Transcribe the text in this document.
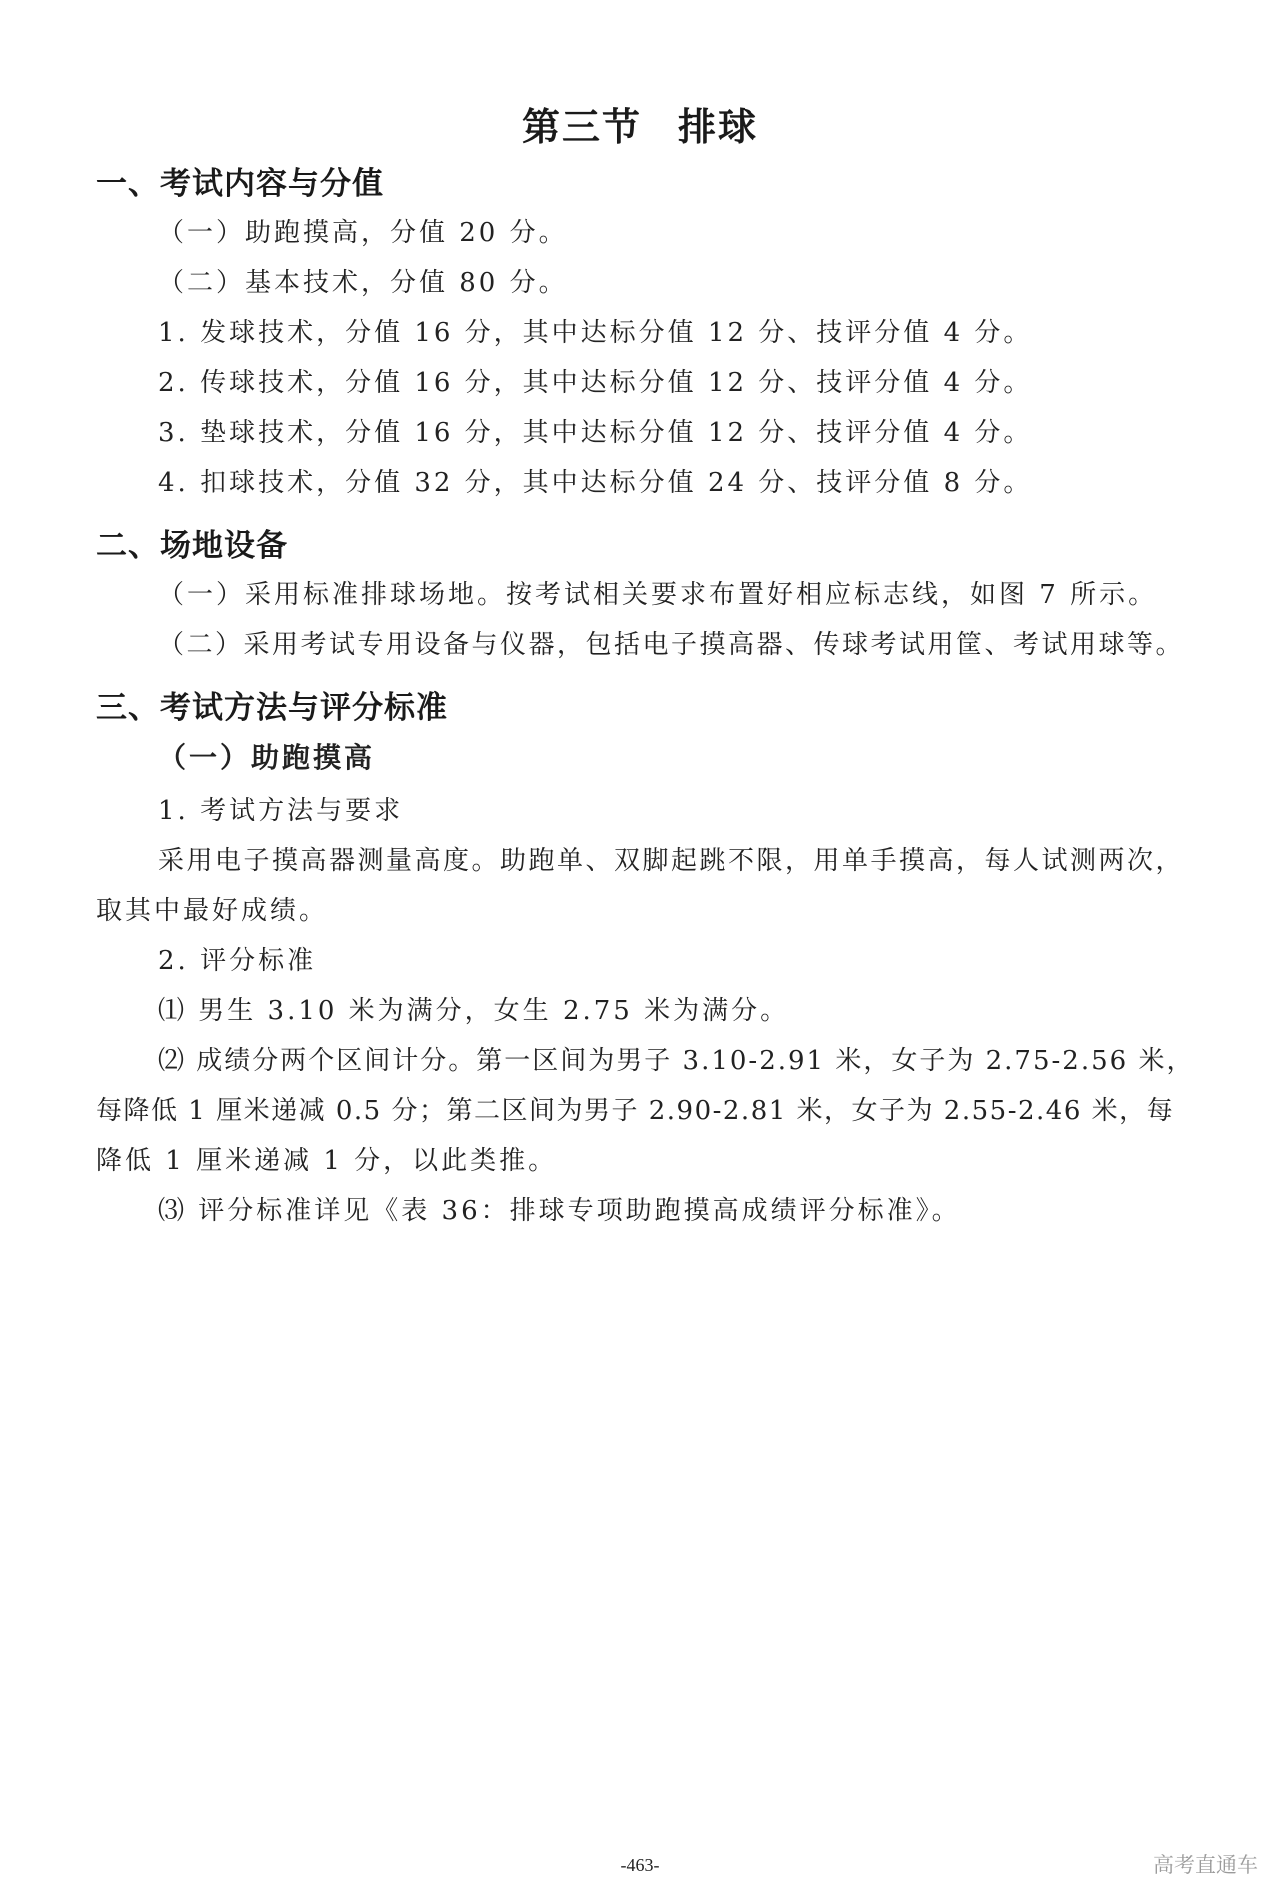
第三节 排球
一、考试内容与分值

（一）助跑摸高，分值 20 分。

（二）基本技术，分值 80 分。

1. 发球技术，分值 16 分，其中达标分值 12 分、技评分值 4 分。

2. 传球技术，分值 16 分，其中达标分值 12 分、技评分值 4 分。

3. 垫球技术，分值 16 分，其中达标分值 12 分、技评分值 4 分。

4. 扣球技术，分值 32 分，其中达标分值 24 分、技评分值 8 分。

二、场地设备

（一）采用标准排球场地。按考试相关要求布置好相应标志线，如图 7 所示。

（二）采用考试专用设备与仪器，包括电子摸高器、传球考试用筐、考试用球等。

三、考试方法与评分标准

（一）助跑摸高

1. 考试方法与要求

采用电子摸高器测量高度。助跑单、双脚起跳不限，用单手摸高，每人试测两次，

取其中最好成绩。

2. 评分标准

⑴ 男生 3.10 米为满分，女生 2.75 米为满分。

⑵ 成绩分两个区间计分。第一区间为男子 3.10-2.91 米，女子为 2.75-2.56 米，

每降低 1 厘米递减 0.5 分；第二区间为男子 2.90-2.81 米，女子为 2.55-2.46 米，每

降低 1 厘米递减 1 分，以此类推。

⑶ 评分标准详见《表 36：排球专项助跑摸高成绩评分标准》。

-463-	高考直通车
